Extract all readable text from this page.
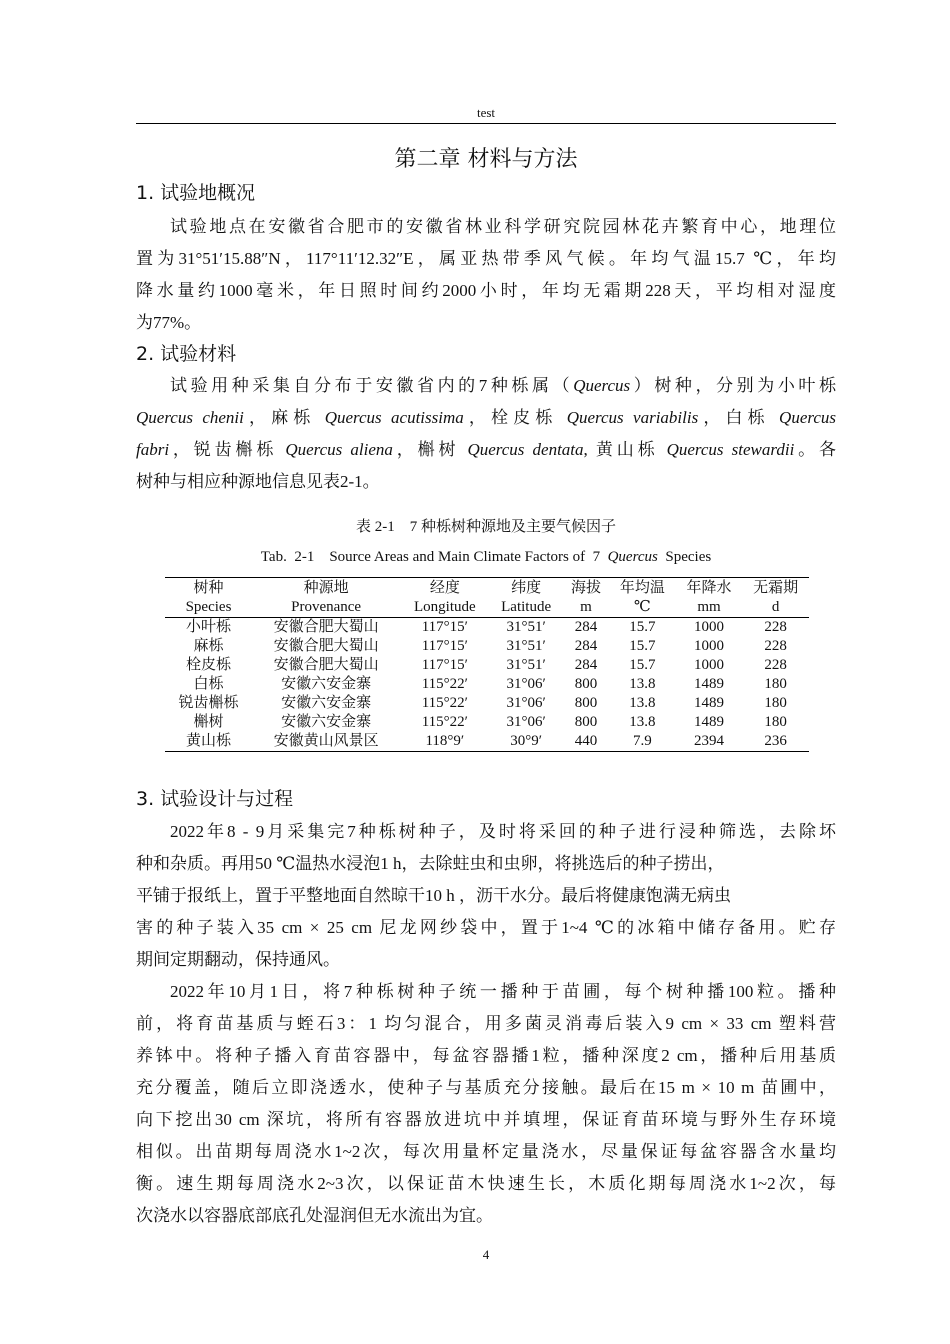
test
第二章 材料与方法
1. 试验地概况
试验地点在安徽省合肥市的安徽省林业科学研究院园林花卉繁育中心，地理位
置为31°51′15.88″N，117°11′12.32″E，属亚热带季风气候。年均气温15.7 ℃，年均
降水量约1000毫米，年日照时间约2000小时，年均无霜期228天，平均相对湿度
为77%。
2. 试验材料
试验用种采集自分布于安徽省内的7种栎属（Quercus）树种，分别为小叶栎
Quercus chenii，麻栎 Quercus acutissima，栓皮栎 Quercus variabilis，白栎 Quercus
fabri，锐齿槲栎 Quercus aliena，槲树 Quercus dentata, 黄山栎 Quercus stewardii。各
树种与相应种源地信息见表2-1。
表 2-1　7 种栎树种源地及主要气候因子
Tab.  2-1    Source Areas and Main Climate Factors of  7  Quercus  Species
树种	种源地	经度	纬度	海拔	年均温	年降水	无霜期
Species	Provenance	Longitude	Latitude	m	℃	mm	d
小叶栎	安徽合肥大蜀山	117°15′	31°51′	284	15.7	1000	228
麻栎	安徽合肥大蜀山	117°15′	31°51′	284	15.7	1000	228
栓皮栎	安徽合肥大蜀山	117°15′	31°51′	284	15.7	1000	228
白栎	安徽六安金寨	115°22′	31°06′	800	13.8	1489	180
锐齿槲栎	安徽六安金寨	115°22′	31°06′	800	13.8	1489	180
槲树	安徽六安金寨	115°22′	31°06′	800	13.8	1489	180
黄山栎	安徽黄山风景区	118°9′	30°9′	440	7.9	2394	236
3. 试验设计与过程
2022年8 - 9月采集完7种栎树种子，及时将采回的种子进行浸种筛选，去除坏
种和杂质。再用50 ℃温热水浸泡1 h，去除蛀虫和虫卵，将挑选后的种子捞出，
平铺于报纸上，置于平整地面自然晾干10 h ，沥干水分。最后将健康饱满无病虫
害的种子装入35 cm × 25 cm 尼龙网纱袋中，置于1~4 ℃的冰箱中储存备用。贮存
期间定期翻动，保持通风。
2022年10月1日，将7种栎树种子统一播种于苗圃，每个树种播100粒。播种
前，将育苗基质与蛭石3：1 均匀混合，用多菌灵消毒后装入9 cm × 33 cm 塑料营
养钵中。将种子播入育苗容器中，每盆容器播1粒，播种深度2 cm，播种后用基质
充分覆盖，随后立即浇透水，使种子与基质充分接触。最后在15 m × 10 m 苗圃中，
向下挖出30 cm 深坑，将所有容器放进坑中并填埋，保证育苗环境与野外生存环境
相似。出苗期每周浇水1~2次，每次用量杯定量浇水，尽量保证每盆容器含水量均
衡。速生期每周浇水2~3次，以保证苗木快速生长，木质化期每周浇水1~2次，每
次浇水以容器底部底孔处湿润但无水流出为宜。
4
